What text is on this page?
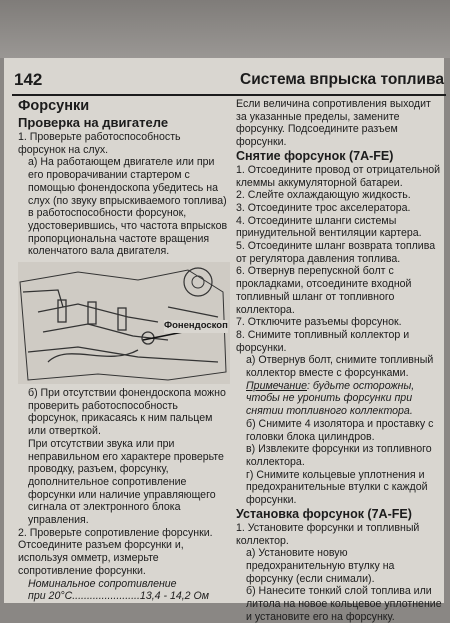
142	Система впрыска топлива

Форсунки

Проверка на двигателе

1. Проверьте работоспособность форсунок на слух.

а) На работающем двигателе или при его проворачивании стартером с помощью фонендоскопа убедитесь на слух (по звуку впрыскиваемого топлива) в работоспособности форсунок, удостоверившись, что частота впрысков пропорциональна частоте вращения коленчатого вала двигателя.

Фонендоскоп

б) При отсутствии фонендоскопа можно проверить работоспособность форсунок, прикасаясь к ним пальцем или отверткой.

При отсутствии звука или при неправильном его характере проверьте проводку, разъем, форсунку, дополнительное сопротивление форсунки или наличие управляющего сигнала от электронного блока управления.

2. Проверьте сопротивление форсунки. Отсоедините разъем форсунки и, используя омметр, измерьте сопротивление форсунки.

Номинальное сопротивление

при 20°С.......................13,4 - 14,2 Ом

Если величина сопротивления выходит за указанные пределы, замените форсунку. Подсоедините разъем форсунки.

Снятие форсунок (7A-FE)

1. Отсоедините провод от отрицательной клеммы аккумуляторной батареи.

2. Слейте охлаждающую жидкость.

3. Отсоедините трос акселератора.

4. Отсоедините шланги системы принудительной вентиляции картера.

5. Отсоедините шланг возврата топлива от регулятора давления топлива.

6. Отвернув перепускной болт с прокладками, отсоедините входной топливный шланг от топливного коллектора.

7. Отключите разъемы форсунок.

8. Снимите топливный коллектор и форсунки.

а) Отвернув болт, снимите топливный коллектор вместе с форсунками.

Примечание: будьте осторожны, чтобы не уронить форсунки при снятии топливного коллектора.

б) Снимите 4 изолятора и проставку с головки блока цилиндров.

в) Извлеките форсунки из топливного коллектора.

г) Снимите кольцевые уплотнения и предохранительные втулки с каждой форсунки.

Установка форсунок (7A-FE)

1. Установите форсунки и топливный коллектор.

а) Установите новую предохранительную втулку на форсунку (если снимали).

б) Нанесите тонкий слой топлива или литола на новое кольцевое уплотнение и установите его на форсунку.
